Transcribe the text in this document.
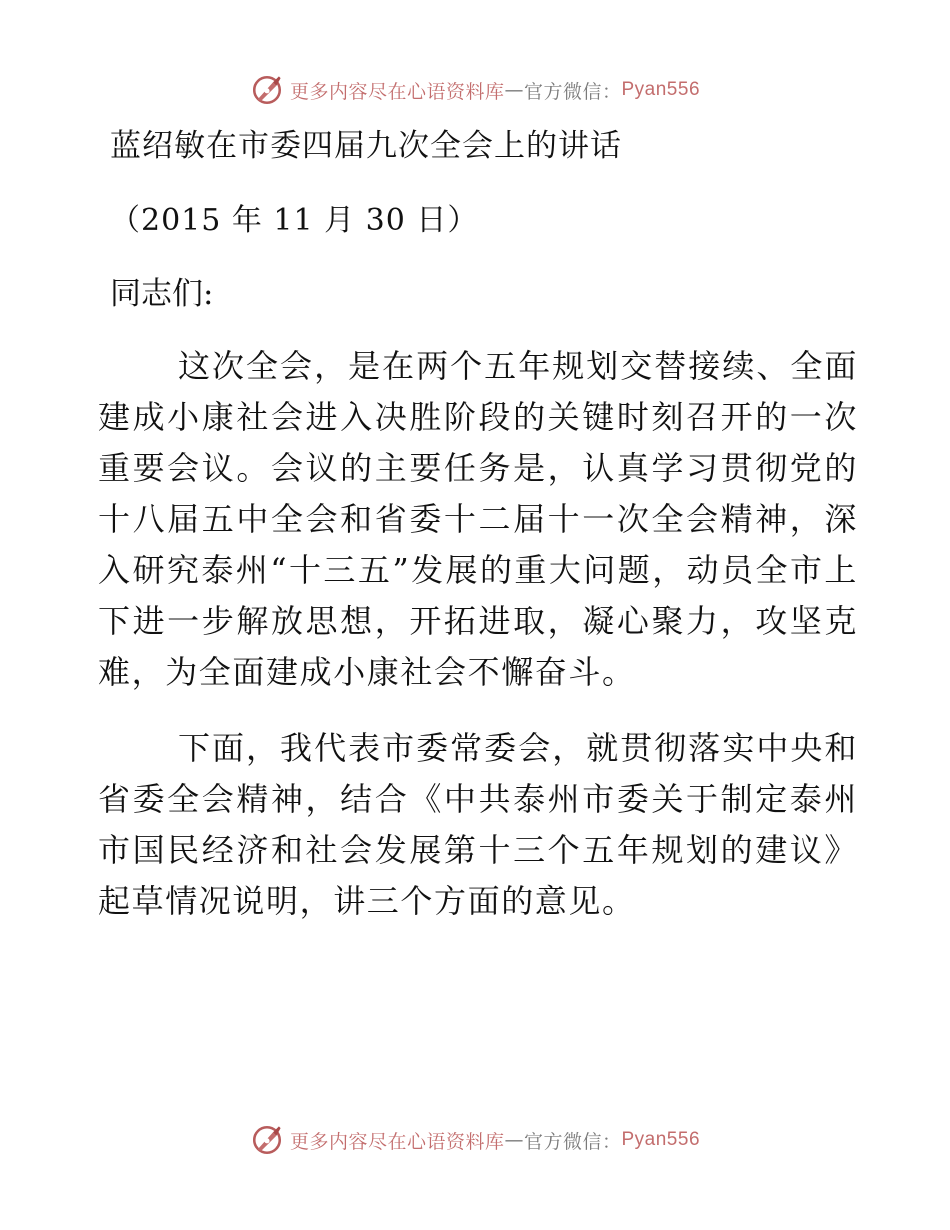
更多内容尽在心语资料库 — 官方微信： Pyan556
蓝绍敏在市委四届九次全会上的讲话
（2015 年 11 月 30 日）
同志们:

这次全会，是在两个五年规划交替接续、全面建成小康社会进入决胜阶段的关键时刻召开的一次重要会议。会议的主要任务是，认真学习贯彻党的十八届五中全会和省委十二届十一次全会精神，深入研究泰州“十三五”发展的重大问题，动员全市上下进一步解放思想，开拓进取，凝心聚力，攻坚克难，为全面建成小康社会不懈奋斗。

下面，我代表市委常委会，就贯彻落实中央和省委全会精神，结合《中共泰州市委关于制定泰州市国民经济和社会发展第十三个五年规划的建议》起草情况说明，讲三个方面的意见。

更多内容尽在心语资料库 — 官方微信： Pyan556
